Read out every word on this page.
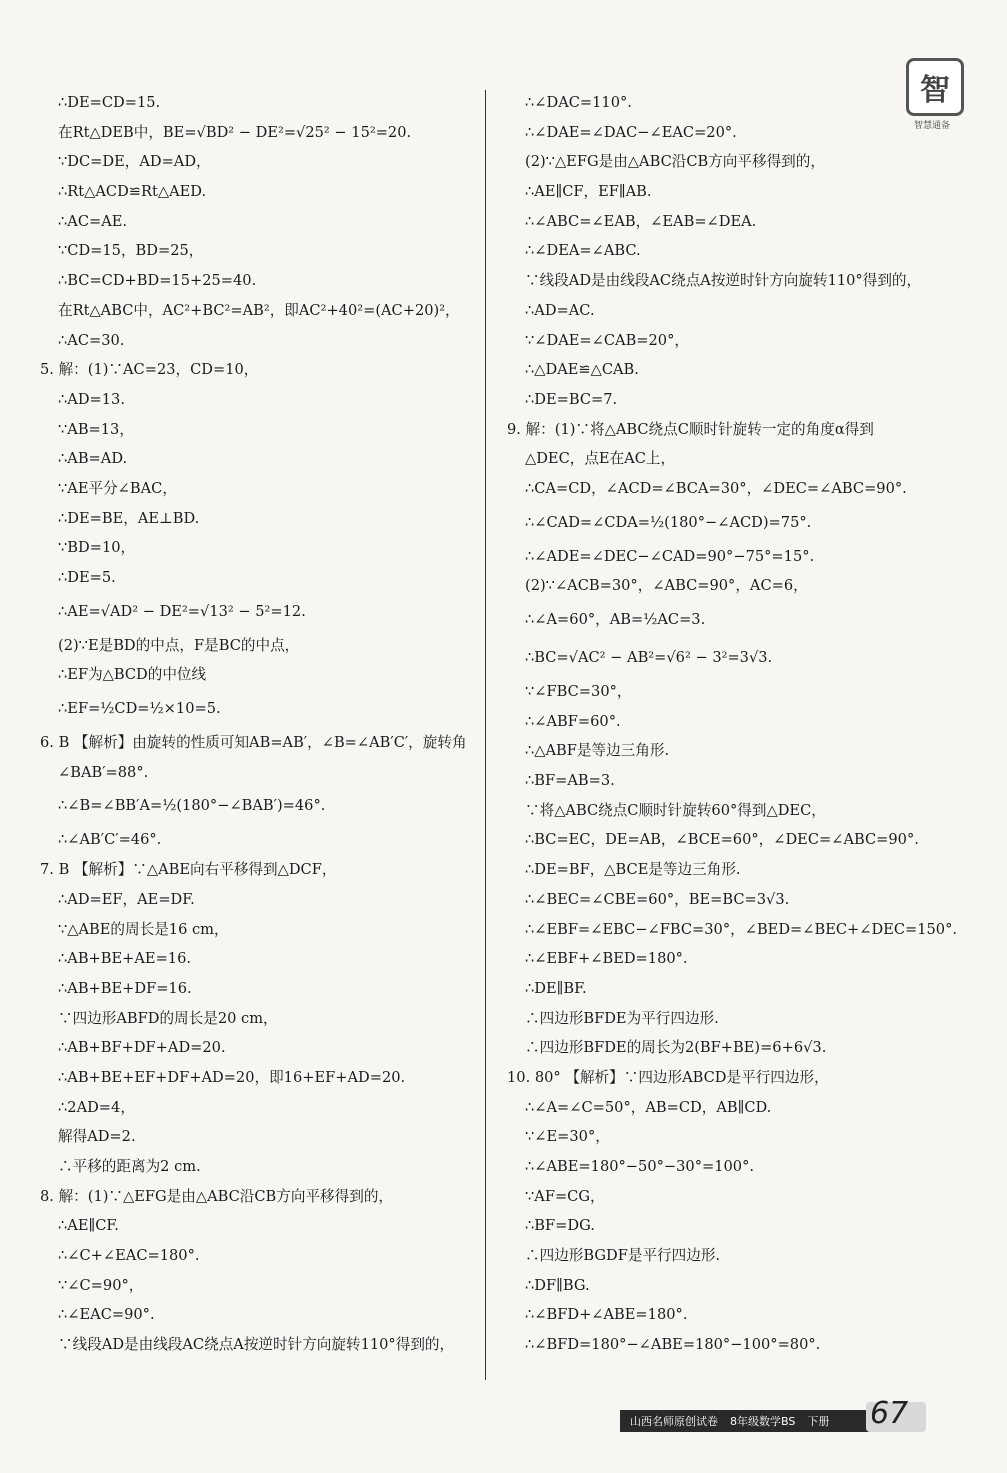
智
智慧通备
∴DE=CD=15.
在Rt△DEB中，BE=√BD² − DE²=√25² − 15²=20.
∵DC=DE，AD=AD，
∴Rt△ACD≌Rt△AED.
∴AC=AE.
∵CD=15，BD=25，
∴BC=CD+BD=15+25=40.
在Rt△ABC中，AC²+BC²=AB²，即AC²+40²=(AC+20)²，
∴AC=30.
5. 解：(1)∵AC=23，CD=10，
∴AD=13.
∵AB=13，
∴AB=AD.
∵AE平分∠BAC，
∴DE=BE，AE⊥BD.
∵BD=10，
∴DE=5.
∴AE=√AD² − DE²=√13² − 5²=12.
(2)∵E是BD的中点，F是BC的中点，
∴EF为△BCD的中位线
∴EF=½CD=½×10=5.
6. B 【解析】由旋转的性质可知AB=AB′，∠B=∠AB′C′，旋转角
∠BAB′=88°.
∴∠B=∠BB′A=½(180°−∠BAB′)=46°.
∴∠AB′C′=46°.
7. B 【解析】∵△ABE向右平移得到△DCF，
∴AD=EF，AE=DF.
∵△ABE的周长是16 cm，
∴AB+BE+AE=16.
∴AB+BE+DF=16.
∵四边形ABFD的周长是20 cm，
∴AB+BF+DF+AD=20.
∴AB+BE+EF+DF+AD=20，即16+EF+AD=20.
∴2AD=4，
解得AD=2.
∴平移的距离为2 cm.
8. 解：(1)∵△EFG是由△ABC沿CB方向平移得到的，
∴AE∥CF.
∴∠C+∠EAC=180°.
∵∠C=90°，
∴∠EAC=90°.
∵线段AD是由线段AC绕点A按逆时针方向旋转110°得到的，
∴∠DAC=110°.
∴∠DAE=∠DAC−∠EAC=20°.
(2)∵△EFG是由△ABC沿CB方向平移得到的，
∴AE∥CF，EF∥AB.
∴∠ABC=∠EAB，∠EAB=∠DEA.
∴∠DEA=∠ABC.
∵线段AD是由线段AC绕点A按逆时针方向旋转110°得到的，
∴AD=AC.
∵∠DAE=∠CAB=20°，
∴△DAE≌△CAB.
∴DE=BC=7.
9. 解：(1)∵将△ABC绕点C顺时针旋转一定的角度α得到
△DEC，点E在AC上，
∴CA=CD，∠ACD=∠BCA=30°，∠DEC=∠ABC=90°.
∴∠CAD=∠CDA=½(180°−∠ACD)=75°.
∴∠ADE=∠DEC−∠CAD=90°−75°=15°.
(2)∵∠ACB=30°，∠ABC=90°，AC=6，
∴∠A=60°，AB=½AC=3.
∴BC=√AC² − AB²=√6² − 3²=3√3.
∵∠FBC=30°，
∴∠ABF=60°.
∴△ABF是等边三角形.
∴BF=AB=3.
∵将△ABC绕点C顺时针旋转60°得到△DEC，
∴BC=EC，DE=AB，∠BCE=60°，∠DEC=∠ABC=90°.
∴DE=BF，△BCE是等边三角形.
∴∠BEC=∠CBE=60°，BE=BC=3√3.
∴∠EBF=∠EBC−∠FBC=30°，∠BED=∠BEC+∠DEC=150°.
∴∠EBF+∠BED=180°.
∴DE∥BF.
∴四边形BFDE为平行四边形.
∴四边形BFDE的周长为2(BF+BE)=6+6√3.
10. 80° 【解析】∵四边形ABCD是平行四边形，
∴∠A=∠C=50°，AB=CD，AB∥CD.
∵∠E=30°，
∴∠ABE=180°−50°−30°=100°.
∵AF=CG，
∴BF=DG.
∴四边形BGDF是平行四边形.
∴DF∥BG.
∴∠BFD+∠ABE=180°.
∴∠BFD=180°−∠ABE=180°−100°=80°.
山西名师原创试卷 8年级数学BS 下册 67
